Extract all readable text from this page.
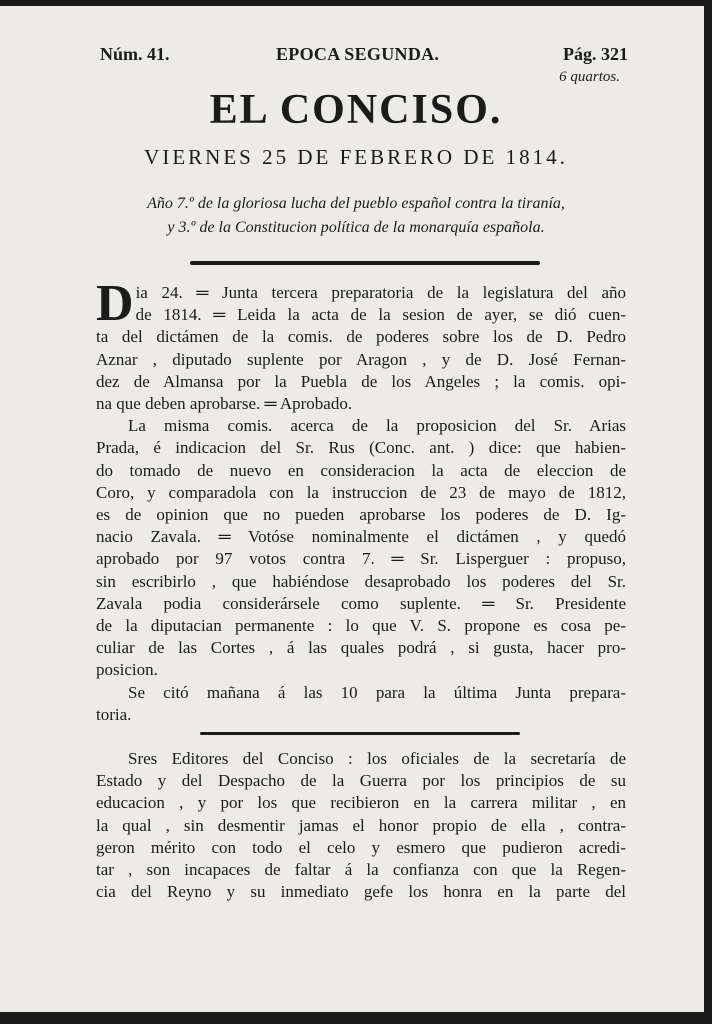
Núm. 41.	EPOCA SEGUNDA.	Pág. 321
6 quartos.
EL CONCISO.
VIERNES 25 DE FEBRERO DE 1814.
Año 7.º de la gloriosa lucha del pueblo español contra la tiranía,
y 3.º de la Constitucion política de la monarquía española.

D ia 24. ═ Junta tercera preparatoria de la legislatura del año
de 1814. ═ Leida la acta de la sesion de ayer, se dió cuen-
ta del dictámen de la comis. de poderes sobre los de D. Pedro
Aznar , diputado suplente por Aragon , y de D. José Fernan-
dez de Almansa por la Puebla de los Angeles ; la comis. opi-
na que deben aprobarse. ═ Aprobado.

La misma comis. acerca de la proposicion del Sr. Arias
Prada, é indicacion del Sr. Rus (Conc. ant. ) dice: que habien-
do tomado de nuevo en consideracion la acta de eleccion de
Coro, y comparadola con la instruccion de 23 de mayo de 1812,
es de opinion que no pueden aprobarse los poderes de D. Ig-
nacio Zavala. ═ Votóse nominalmente el dictámen , y quedó
aprobado por 97 votos contra 7. ═ Sr. Lisperguer : propuso,
sin escribirlo , que habiéndose desaprobado los poderes del Sr.
Zavala podia considerársele como suplente. ═ Sr. Presidente
de la diputacian permanente : lo que V. S. propone es cosa pe-
culiar de las Cortes , á las quales podrá , si gusta, hacer pro-
posicion.

Se citó mañana á las 10 para la última Junta prepara-
toria.

Sres Editores del Conciso : los oficiales de la secretaría de
Estado y del Despacho de la Guerra por los principios de su
educacion , y por los que recibieron en la carrera militar , en
la qual , sin desmentir jamas el honor propio de ella , contra-
geron mérito con todo el celo y esmero que pudieron acredi-
tar , son incapaces de faltar á la confianza con que la Regen-
cia del Reyno y su inmediato gefe los honra en la parte del
